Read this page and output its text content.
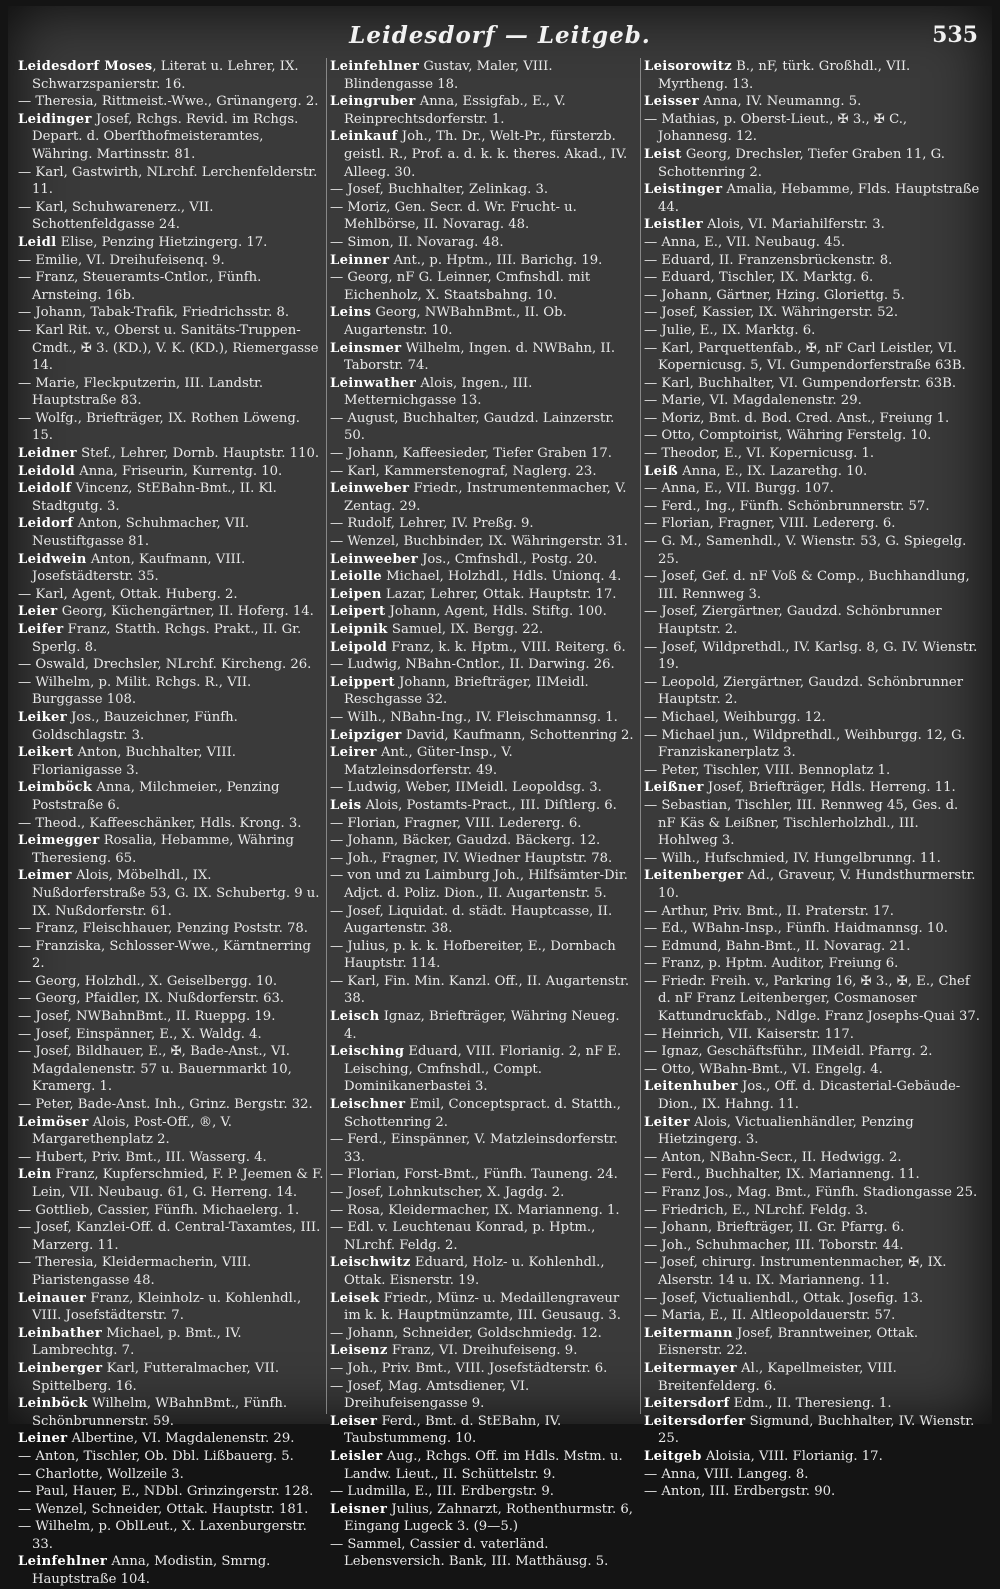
Leidesdorf — Leitgeb.	535

Leidesdorf Moses, Literat u. Lehrer, IX. Schwarzspanierstr. 16.

— Theresia, Rittmeist.-Wwe., Grünangerg. 2.

Leidinger Josef, Rchgs. Revid. im Rchgs. Depart. d. Oberſthofmeisteramtes, Währing. Martinsstr. 81.

— Karl, Gastwirth, NLrchf. Lerchenfelderstr. 11.

— Karl, Schuhwarenerz., VII. Schottenfeldgasse 24.

Leidl Elise, Penzing Hietzingerg. 17.

— Emilie, VI. Dreihufeisenq. 9.

— Franz, Steueramts-Cntlor., Fünfh. Arnsteing. 16b.

— Johann, Tabak-Trafik, Friedrichsstr. 8.

— Karl Rit. v., Oberst u. Sanitäts-Truppen-Cmdt., ✠ 3. (KD.), V. K. (KD.), Riemergasse 14.

— Marie, Fleckputzerin, III. Landstr. Hauptstraße 83.

— Wolfg., Briefträger, IX. Rothen Löweng. 15.

Leidner Stef., Lehrer, Dornb. Hauptstr. 110.

Leidold Anna, Friseurin, Kurrentg. 10.

Leidolf Vincenz, StEBahn-Bmt., II. Kl. Stadtgutg. 3.

Leidorf Anton, Schuhmacher, VII. Neustiftgasse 81.

Leidwein Anton, Kaufmann, VIII. Josefstädterstr. 35.

— Karl, Agent, Ottak. Huberg. 2.

Leier Georg, Küchengärtner, II. Hoferg. 14.

Leifer Franz, Statth. Rchgs. Prakt., II. Gr. Sperlg. 8.

— Oswald, Drechsler, NLrchf. Kircheng. 26.

— Wilhelm, p. Milit. Rchgs. R., VII. Burggasse 108.

Leiker Jos., Bauzeichner, Fünfh. Goldschlagstr. 3.

Leikert Anton, Buchhalter, VIII. Florianigasse 3.

Leimböck Anna, Milchmeier., Penzing Poststraße 6.

— Theod., Kaffeeschänker, Hdls. Krong. 3.

Leimegger Rosalia, Hebamme, Währing Theresieng. 65.

Leimer Alois, Möbelhdl., IX. Nußdorferstraße 53, G. IX. Schubertg. 9 u. IX. Nußdorferstr. 61.

— Franz, Fleischhauer, Penzing Poststr. 78.

— Franziska, Schlosser-Wwe., Kärntnerring 2.

— Georg, Holzhdl., X. Geiselbergg. 10.

— Georg, Pfaidler, IX. Nußdorferstr. 63.

— Josef, NWBahnBmt., II. Rueppg. 19.

— Josef, Einspänner, E., X. Waldg. 4.

— Josef, Bildhauer, E., ✠, Bade-Anst., VI. Magdalenenstr. 57 u. Bauernmarkt 10, Kramerg. 1.

— Peter, Bade-Anst. Inh., Grinz. Bergstr. 32.

Leimöser Alois, Post-Off., ®, V. Margarethenplatz 2.

— Hubert, Priv. Bmt., III. Wasserg. 4.

Lein Franz, Kupferschmied, F. P. Jeemen & F. Lein, VII. Neubaug. 61, G. Herreng. 14.

— Gottlieb, Cassier, Fünfh. Michaelerg. 1.

— Josef, Kanzlei-Off. d. Central-Taxamtes, III. Marzerg. 11.

— Theresia, Kleidermacherin, VIII. Piaristengasse 48.

Leinauer Franz, Kleinholz- u. Kohlenhdl., VIII. Josefstädterstr. 7.

Leinbather Michael, p. Bmt., IV. Lambrechtg. 7.

Leinberger Karl, Futteralmacher, VII. Spittelberg. 16.

Leinböck Wilhelm, WBahnBmt., Fünfh. Schönbrunnerstr. 59.

Leiner Albertine, VI. Magdalenenstr. 29.

— Anton, Tischler, Ob. Dbl. Lißbauerg. 5.

— Charlotte, Wollzeile 3.

— Paul, Hauer, E., NDbl. Grinzingerstr. 128.

— Wenzel, Schneider, Ottak. Hauptstr. 181.

— Wilhelm, p. OblLeut., X. Laxenburgerstr. 33.

Leinfehlner Anna, Modistin, Smrng. Hauptstraße 104.

Leinfehlner Gustav, Maler, VIII. Blindengasse 18.

Leingruber Anna, Essigfab., E., V. Reinprechtsdorferstr. 1.

Leinkauf Joh., Th. Dr., Welt-Pr., fürsterzb. geistl. R., Prof. a. d. k. k. theres. Akad., IV. Alleeg. 30.

— Josef, Buchhalter, Zelinkag. 3.

— Moriz, Gen. Secr. d. Wr. Frucht- u. Mehlbörse, II. Novarag. 48.

— Simon, II. Novarag. 48.

Leinner Ant., p. Hptm., III. Barichg. 19.

— Georg, nF G. Leinner, Cmfnshdl. mit Eichenholz, X. Staatsbahng. 10.

Leins Georg, NWBahnBmt., II. Ob. Augartenstr. 10.

Leinsmer Wilhelm, Ingen. d. NWBahn, II. Taborstr. 74.

Leinwather Alois, Ingen., III. Metternichgasse 13.

— August, Buchhalter, Gaudzd. Lainzerstr. 50.

— Johann, Kaffeesieder, Tiefer Graben 17.

— Karl, Kammerstenograf, Naglerg. 23.

Leinweber Friedr., Instrumentenmacher, V. Zentag. 29.

— Rudolf, Lehrer, IV. Preßg. 9.

— Wenzel, Buchbinder, IX. Währingerstr. 31.

Leinweeber Jos., Cmfnshdl., Postg. 20.

Leiolle Michael, Holzhdl., Hdls. Unionq. 4.

Leipen Lazar, Lehrer, Ottak. Hauptstr. 17.

Leipert Johann, Agent, Hdls. Stiftg. 100.

Leipnik Samuel, IX. Bergg. 22.

Leipold Franz, k. k. Hptm., VIII. Reiterg. 6.

— Ludwig, NBahn-Cntlor., II. Darwing. 26.

Leippert Johann, Briefträger, IIMeidl. Reschgasse 32.

— Wilh., NBahn-Ing., IV. Fleischmannsg. 1.

Leipziger David, Kaufmann, Schottenring 2.

Leirer Ant., Güter-Insp., V. Matzleinsdorferstr. 49.

— Ludwig, Weber, IIMeidl. Leopoldsg. 3.

Leis Alois, Postamts-Pract., III. Diſtlerg. 6.

— Florian, Fragner, VIII. Ledererg. 6.

— Johann, Bäcker, Gaudzd. Bäckerg. 12.

— Joh., Fragner, IV. Wiedner Hauptstr. 78.

— von und zu Laimburg Joh., Hilfsämter-Dir. Adjct. d. Poliz. Dion., II. Augartenstr. 5.

— Josef, Liquidat. d. städt. Hauptcasse, II. Augartenstr. 38.

— Julius, p. k. k. Hofbereiter, E., Dornbach Hauptstr. 114.

— Karl, Fin. Min. Kanzl. Off., II. Augartenstr. 38.

Leisch Ignaz, Briefträger, Währing Neueg. 4.

Leisching Eduard, VIII. Florianig. 2, nF E. Leisching, Cmfnshdl., Compt. Dominikanerbastei 3.

Leischner Emil, Conceptspract. d. Statth., Schottenring 2.

— Ferd., Einspänner, V. Matzleinsdorferstr. 33.

— Florian, Forst-Bmt., Fünfh. Tauneng. 24.

— Josef, Lohnkutscher, X. Jagdg. 2.

— Rosa, Kleidermacher, IX. Marianneng. 1.

— Edl. v. Leuchtenau Konrad, p. Hptm., NLrchf. Feldg. 2.

Leischwitz Eduard, Holz- u. Kohlenhdl., Ottak. Eisnerstr. 19.

Leisek Friedr., Münz- u. Medaillengraveur im k. k. Hauptmünzamte, III. Geusaug. 3.

— Johann, Schneider, Goldschmiedg. 12.

Leisenz Franz, VI. Dreihufeiseng. 9.

— Joh., Priv. Bmt., VIII. Josefstädterstr. 6.

— Josef, Mag. Amtsdiener, VI. Dreihufeisengasse 9.

Leiser Ferd., Bmt. d. StEBahn, IV. Taubstummeng. 10.

Leisler Aug., Rchgs. Off. im Hdls. Mstm. u. Landw. Lieut., II. Schüttelstr. 9.

— Ludmilla, E., III. Erdbergstr. 9.

Leisner Julius, Zahnarzt, Rothenthurmstr. 6, Eingang Lugeck 3. (9—5.)

— Sammel, Cassier d. vaterländ. Lebensversich. Bank, III. Matthäusg. 5.

Leisorowitz B., nF, türk. Großhdl., VII. Myrtheng. 13.

Leisser Anna, IV. Neumanng. 5.

— Mathias, p. Oberst-Lieut., ✠ 3., ✠ C., Johannesg. 12.

Leist Georg, Drechsler, Tiefer Graben 11, G. Schottenring 2.

Leistinger Amalia, Hebamme, Flds. Hauptstraße 44.

Leistler Alois, VI. Mariahilferstr. 3.

— Anna, E., VII. Neubaug. 45.

— Eduard, II. Franzensbrückenstr. 8.

— Eduard, Tischler, IX. Marktg. 6.

— Johann, Gärtner, Hzing. Gloriettg. 5.

— Josef, Kassier, IX. Währingerstr. 52.

— Julie, E., IX. Marktg. 6.

— Karl, Parquettenfab., ✠, nF Carl Leistler, VI. Kopernicusg. 5, VI. Gumpendorferstraße 63B.

— Karl, Buchhalter, VI. Gumpendorferstr. 63B.

— Marie, VI. Magdalenenstr. 29.

— Moriz, Bmt. d. Bod. Cred. Anst., Freiung 1.

— Otto, Comptoirist, Währing Ferstelg. 10.

— Theodor, E., VI. Kopernicusg. 1.

Leiß Anna, E., IX. Lazarethg. 10.

— Anna, E., VII. Burgg. 107.

— Ferd., Ing., Fünfh. Schönbrunnerstr. 57.

— Florian, Fragner, VIII. Ledererg. 6.

— G. M., Samenhdl., V. Wienstr. 53, G. Spiegelg. 25.

— Josef, Gef. d. nF Voß & Comp., Buchhandlung, III. Rennweg 3.

— Josef, Ziergärtner, Gaudzd. Schönbrunner Hauptstr. 2.

— Josef, Wildprethdl., IV. Karlsg. 8, G. IV. Wienstr. 19.

— Leopold, Ziergärtner, Gaudzd. Schönbrunner Hauptstr. 2.

— Michael, Weihburgg. 12.

— Michael jun., Wildprethdl., Weihburgg. 12, G. Franziskanerplatz 3.

— Peter, Tischler, VIII. Bennoplatz 1.

Leißner Josef, Briefträger, Hdls. Herreng. 11.

— Sebastian, Tischler, III. Rennweg 45, Ges. d. nF Käs & Leißner, Tischlerholzhdl., III. Hohlweg 3.

— Wilh., Hufschmied, IV. Hungelbrunng. 11.

Leitenberger Ad., Graveur, V. Hundsthurmerstr. 10.

— Arthur, Priv. Bmt., II. Praterstr. 17.

— Ed., WBahn-Insp., Fünfh. Haidmannsg. 10.

— Edmund, Bahn-Bmt., II. Novarag. 21.

— Franz, p. Hptm. Auditor, Freiung 6.

— Friedr. Freih. v., Parkring 16, ✠ 3., ✠, E., Chef d. nF Franz Leitenberger, Cosmanoser Kattundruckfab., Ndlge. Franz Josephs-Quai 37.

— Heinrich, VII. Kaiserstr. 117.

— Ignaz, Geschäftsführ., IIMeidl. Pfarrg. 2.

— Otto, WBahn-Bmt., VI. Engelg. 4.

Leitenhuber Jos., Off. d. Dicasterial-Gebäude-Dion., IX. Hahng. 11.

Leiter Alois, Victualienhändler, Penzing Hietzingerg. 3.

— Anton, NBahn-Secr., II. Hedwigg. 2.

— Ferd., Buchhalter, IX. Marianneng. 11.

— Franz Jos., Mag. Bmt., Fünfh. Stadiongasse 25.

— Friedrich, E., NLrchf. Feldg. 3.

— Johann, Briefträger, II. Gr. Pfarrg. 6.

— Joh., Schuhmacher, III. Toborstr. 44.

— Josef, chirurg. Instrumentenmacher, ✠, IX. Alserstr. 14 u. IX. Marianneng. 11.

— Josef, Victualienhdl., Ottak. Josefig. 13.

— Maria, E., II. Altleopoldauerstr. 57.

Leitermann Josef, Branntweiner, Ottak. Eisnerstr. 22.

Leitermayer Al., Kapellmeister, VIII. Breitenfelderg. 6.

Leitersdorf Edm., II. Theresieng. 1.

Leitersdorfer Sigmund, Buchhalter, IV. Wienstr. 25.

Leitgeb Aloisia, VIII. Florianig. 17.

— Anna, VIII. Langeg. 8.

— Anton, III. Erdbergstr. 90.
